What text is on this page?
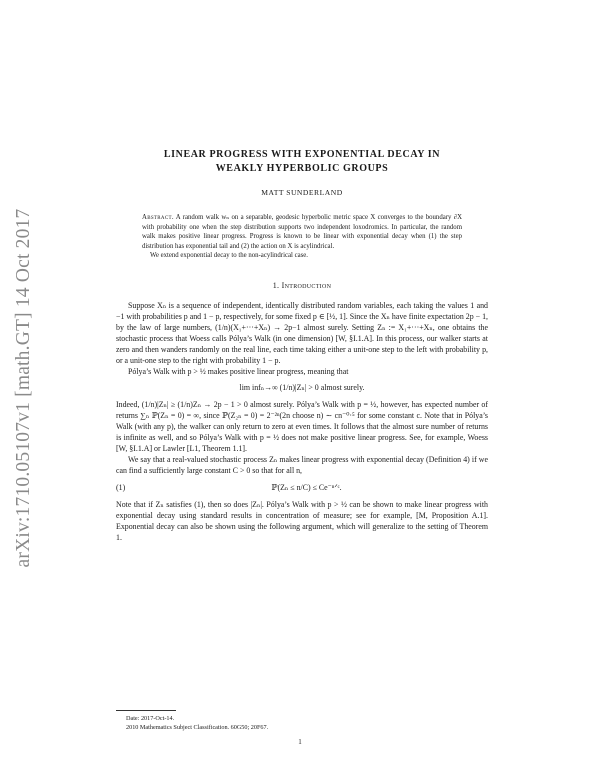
arXiv:1710.05107v1 [math.GT] 14 Oct 2017
LINEAR PROGRESS WITH EXPONENTIAL DECAY IN
WEAKLY HYPERBOLIC GROUPS
MATT SUNDERLAND

Abstract. A random walk wₙ on a separable, geodesic hyperbolic metric space X converges to the boundary ∂X with probability one when the step distribution supports two independent loxodromics. In particular, the random walk makes positive linear progress. Progress is known to be linear with exponential decay when (1) the step distribution has exponential tail and (2) the action on X is acylindrical.

We extend exponential decay to the non-acylindrical case.

1. Introduction

Suppose Xₙ is a sequence of independent, identically distributed random variables, each taking the values 1 and −1 with probabilities p and 1 − p, respectively, for some fixed p ∈ [½, 1]. Since the Xₙ have finite expectation 2p − 1, by the law of large numbers, (1/n)(X₁+···+Xₙ) → 2p−1 almost surely. Setting Zₙ := X₁+···+Xₙ, one obtains the stochastic process that Woess calls Pólya’s Walk (in one dimension) [W, §I.1.A]. In this process, our walker starts at zero and then wanders randomly on the real line, each time taking either a unit-one step to the left with probability p, or a unit-one step to the right with probability 1 − p.

Pólya’s Walk with p > ½ makes positive linear progress, meaning that

lim infₙ→∞ (1/n)|Zₙ| > 0 almost surely.

Indeed, (1/n)|Zₙ| ≥ (1/n)Zₙ → 2p − 1 > 0 almost surely. Pólya’s Walk with p = ½, however, has expected number of returns ∑ₙ ℙ(Zₙ = 0) = ∞, since ℙ(Z₂ₙ = 0) = 2⁻²ⁿ(2n choose n) ∼ cn⁻⁰·⁵ for some constant c. Note that in Pólya’s Walk (with any p), the walker can only return to zero at even times. It follows that the almost sure number of returns is infinite as well, and so Pólya’s Walk with p = ½ does not make positive linear progress. See, for example, Woess [W, §I.1.A] or Lawler [L1, Theorem 1.1].

We say that a real-valued stochastic process Zₙ makes linear progress with exponential decay (Definition 4) if we can find a sufficiently large constant C > 0 so that for all n,

(1)	ℙ(Zₙ ≤ n/C) ≤ Ce⁻ⁿᐟᶜ.

Note that if Zₙ satisfies (1), then so does |Zₙ|. Pólya’s Walk with p > ½ can be shown to make linear progress with exponential decay using standard results in concentration of measure; see for example, [M, Proposition A.1]. Exponential decay can also be shown using the following argument, which will generalize to the setting of Theorem 1.

Date: 2017-Oct-14.

2010 Mathematics Subject Classification. 60G50; 20F67.

1
